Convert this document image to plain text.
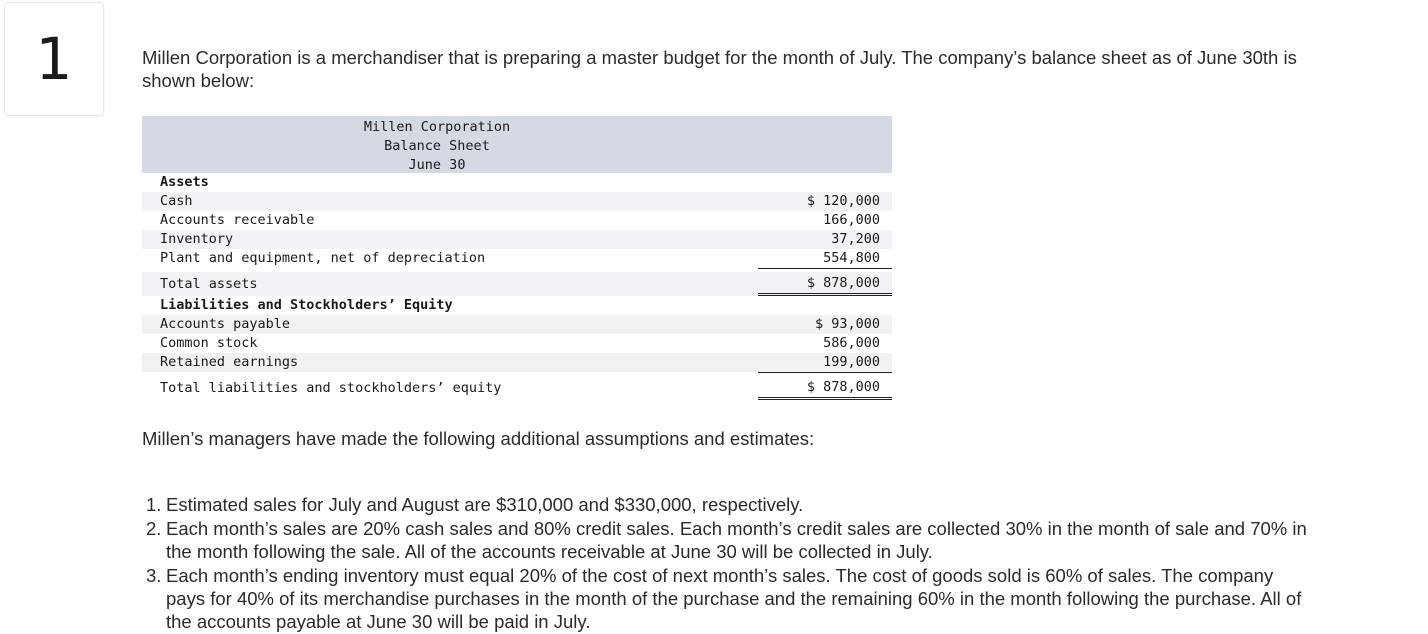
1	Millen Corporation is a merchandiser that is preparing a master budget for the month of July. The company’s balance sheet as of June 30th is shown below:
Millen Corporation
Balance Sheet
June 30
Assets
Cash	$ 120,000
Accounts receivable	166,000
Inventory	37,200
Plant and equipment, net of depreciation	554,800
Total assets	$ 878,000
Liabilities and Stockholders’ Equity
Accounts payable	$ 93,000
Common stock	586,000
Retained earnings	199,000
Total liabilities and stockholders’ equity	$ 878,000
Millen’s managers have made the following additional assumptions and estimates:
1. Estimated sales for July and August are $310,000 and $330,000, respectively.
2. Each month’s sales are 20% cash sales and 80% credit sales. Each month’s credit sales are collected 30% in the month of sale and 70% in the month following the sale. All of the accounts receivable at June 30 will be collected in July.
3. Each month’s ending inventory must equal 20% of the cost of next month’s sales. The cost of goods sold is 60% of sales. The company pays for 40% of its merchandise purchases in the month of the purchase and the remaining 60% in the month following the purchase. All of the accounts payable at June 30 will be paid in July.
